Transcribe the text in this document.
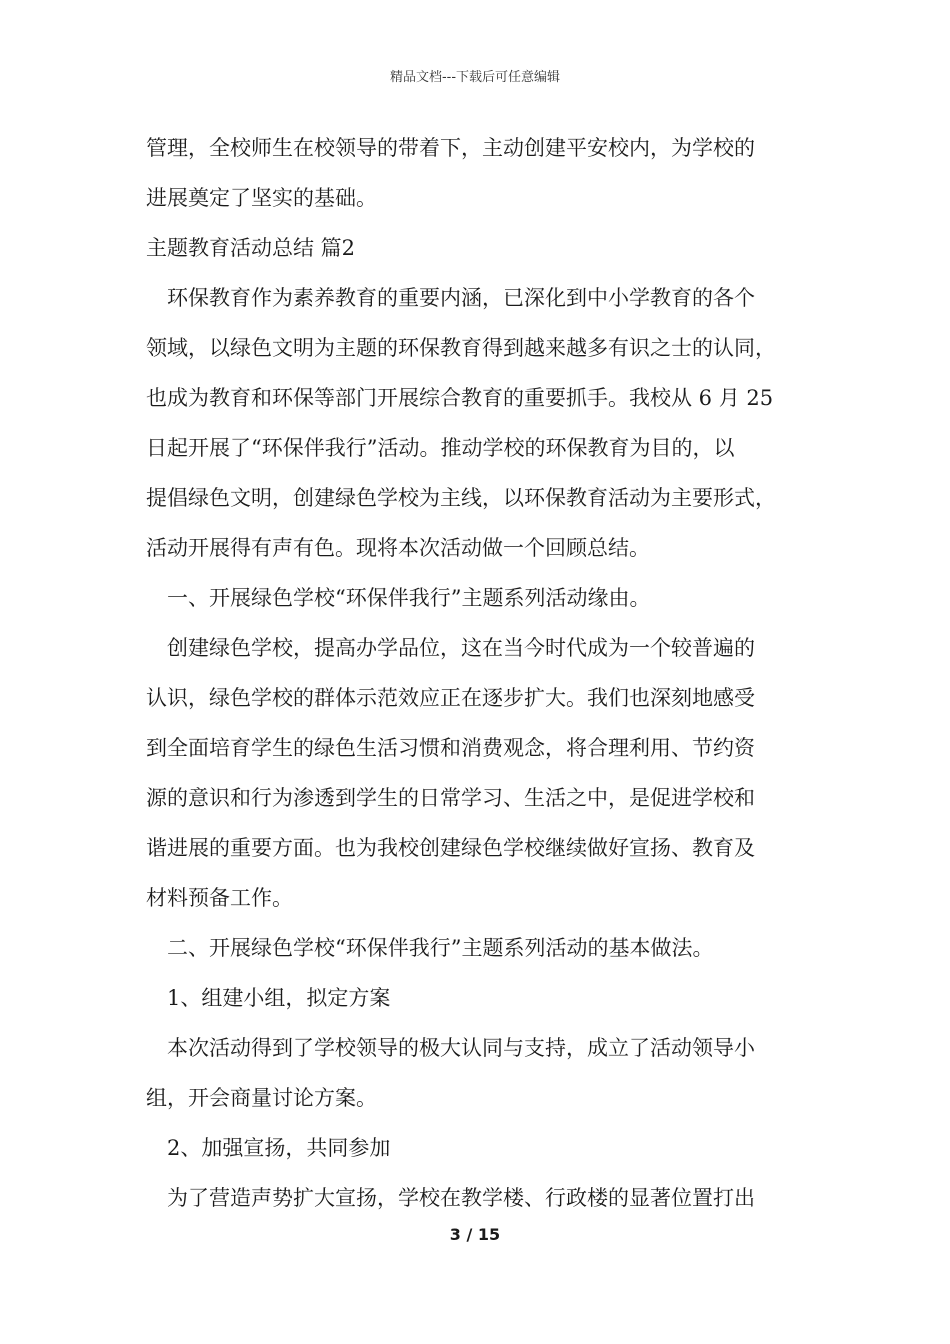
精品文档---下载后可任意编辑
管理，全校师生在校领导的带着下，主动创建平安校内，为学校的
进展奠定了坚实的基础。
主题教育活动总结 篇2
环保教育作为素养教育的重要内涵，已深化到中小学教育的各个
领域，以绿色文明为主题的环保教育得到越来越多有识之士的认同，
也成为教育和环保等部门开展综合教育的重要抓手。我校从 6 月 25
日起开展了“环保伴我行”活动。推动学校的环保教育为目的，以
提倡绿色文明，创建绿色学校为主线，以环保教育活动为主要形式，
活动开展得有声有色。现将本次活动做一个回顾总结。
一、开展绿色学校“环保伴我行”主题系列活动缘由。
创建绿色学校，提高办学品位，这在当今时代成为一个较普遍的
认识，绿色学校的群体示范效应正在逐步扩大。我们也深刻地感受
到全面培育学生的绿色生活习惯和消费观念，将合理利用、节约资
源的意识和行为渗透到学生的日常学习、生活之中，是促进学校和
谐进展的重要方面。也为我校创建绿色学校继续做好宣扬、教育及
材料预备工作。
二、开展绿色学校“环保伴我行”主题系列活动的基本做法。
1、组建小组，拟定方案
本次活动得到了学校领导的极大认同与支持，成立了活动领导小
组，开会商量讨论方案。
2、加强宣扬，共同参加
为了营造声势扩大宣扬，学校在教学楼、行政楼的显著位置打出
3 / 15
